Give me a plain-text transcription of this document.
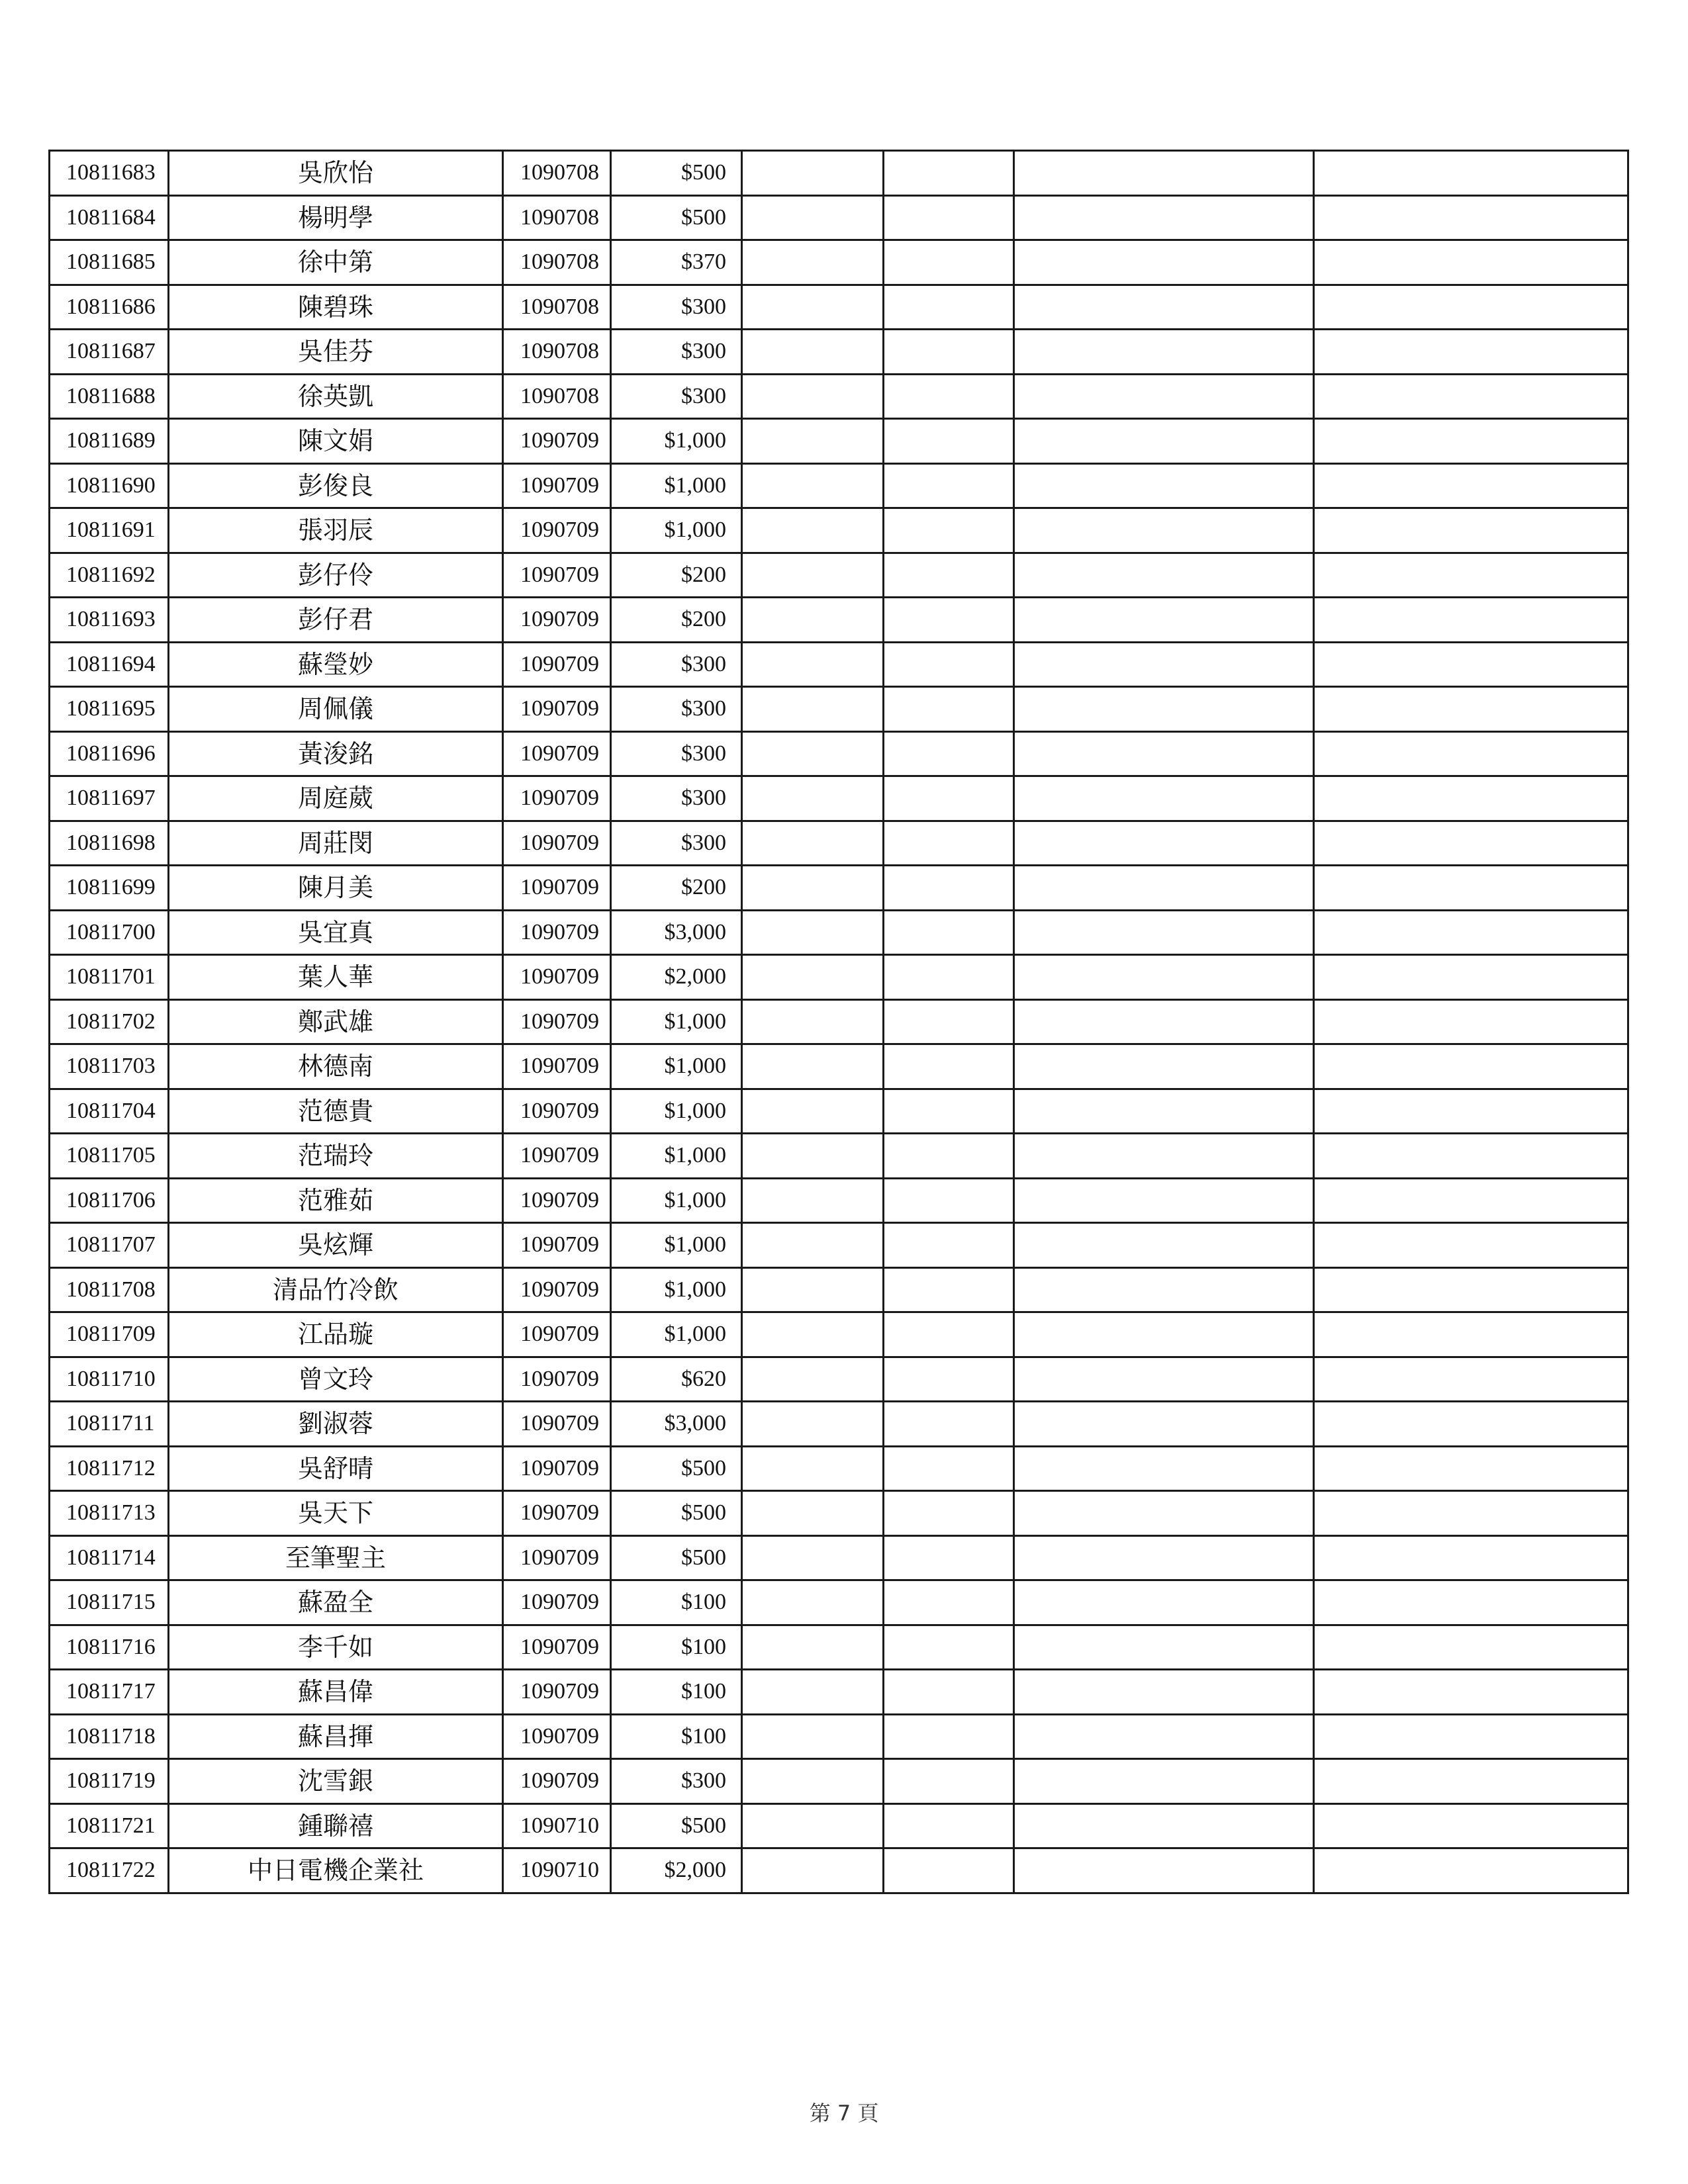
10811683	吳欣怡	1090708	$500				
10811684	楊明學	1090708	$500				
10811685	徐中第	1090708	$370				
10811686	陳碧珠	1090708	$300				
10811687	吳佳芬	1090708	$300				
10811688	徐英凱	1090708	$300				
10811689	陳文娟	1090709	$1,000				
10811690	彭俊良	1090709	$1,000				
10811691	張羽辰	1090709	$1,000				
10811692	彭仔伶	1090709	$200				
10811693	彭仔君	1090709	$200				
10811694	蘇瑩妙	1090709	$300				
10811695	周佩儀	1090709	$300				
10811696	黃浚銘	1090709	$300				
10811697	周庭葳	1090709	$300				
10811698	周莊閔	1090709	$300				
10811699	陳月美	1090709	$200				
10811700	吳宜真	1090709	$3,000				
10811701	葉人華	1090709	$2,000				
10811702	鄭武雄	1090709	$1,000				
10811703	林德南	1090709	$1,000				
10811704	范德貴	1090709	$1,000				
10811705	范瑞玲	1090709	$1,000				
10811706	范雅茹	1090709	$1,000				
10811707	吳炫輝	1090709	$1,000				
10811708	清品竹冷飲	1090709	$1,000				
10811709	江品璇	1090709	$1,000				
10811710	曾文玲	1090709	$620				
10811711	劉淑蓉	1090709	$3,000				
10811712	吳舒晴	1090709	$500				
10811713	吳天下	1090709	$500				
10811714	至筆聖主	1090709	$500				
10811715	蘇盈全	1090709	$100				
10811716	李千如	1090709	$100				
10811717	蘇昌偉	1090709	$100				
10811718	蘇昌揮	1090709	$100				
10811719	沈雪銀	1090709	$300				
10811721	鍾聯禧	1090710	$500				
10811722	中日電機企業社	1090710	$2,000				
第 7 頁
